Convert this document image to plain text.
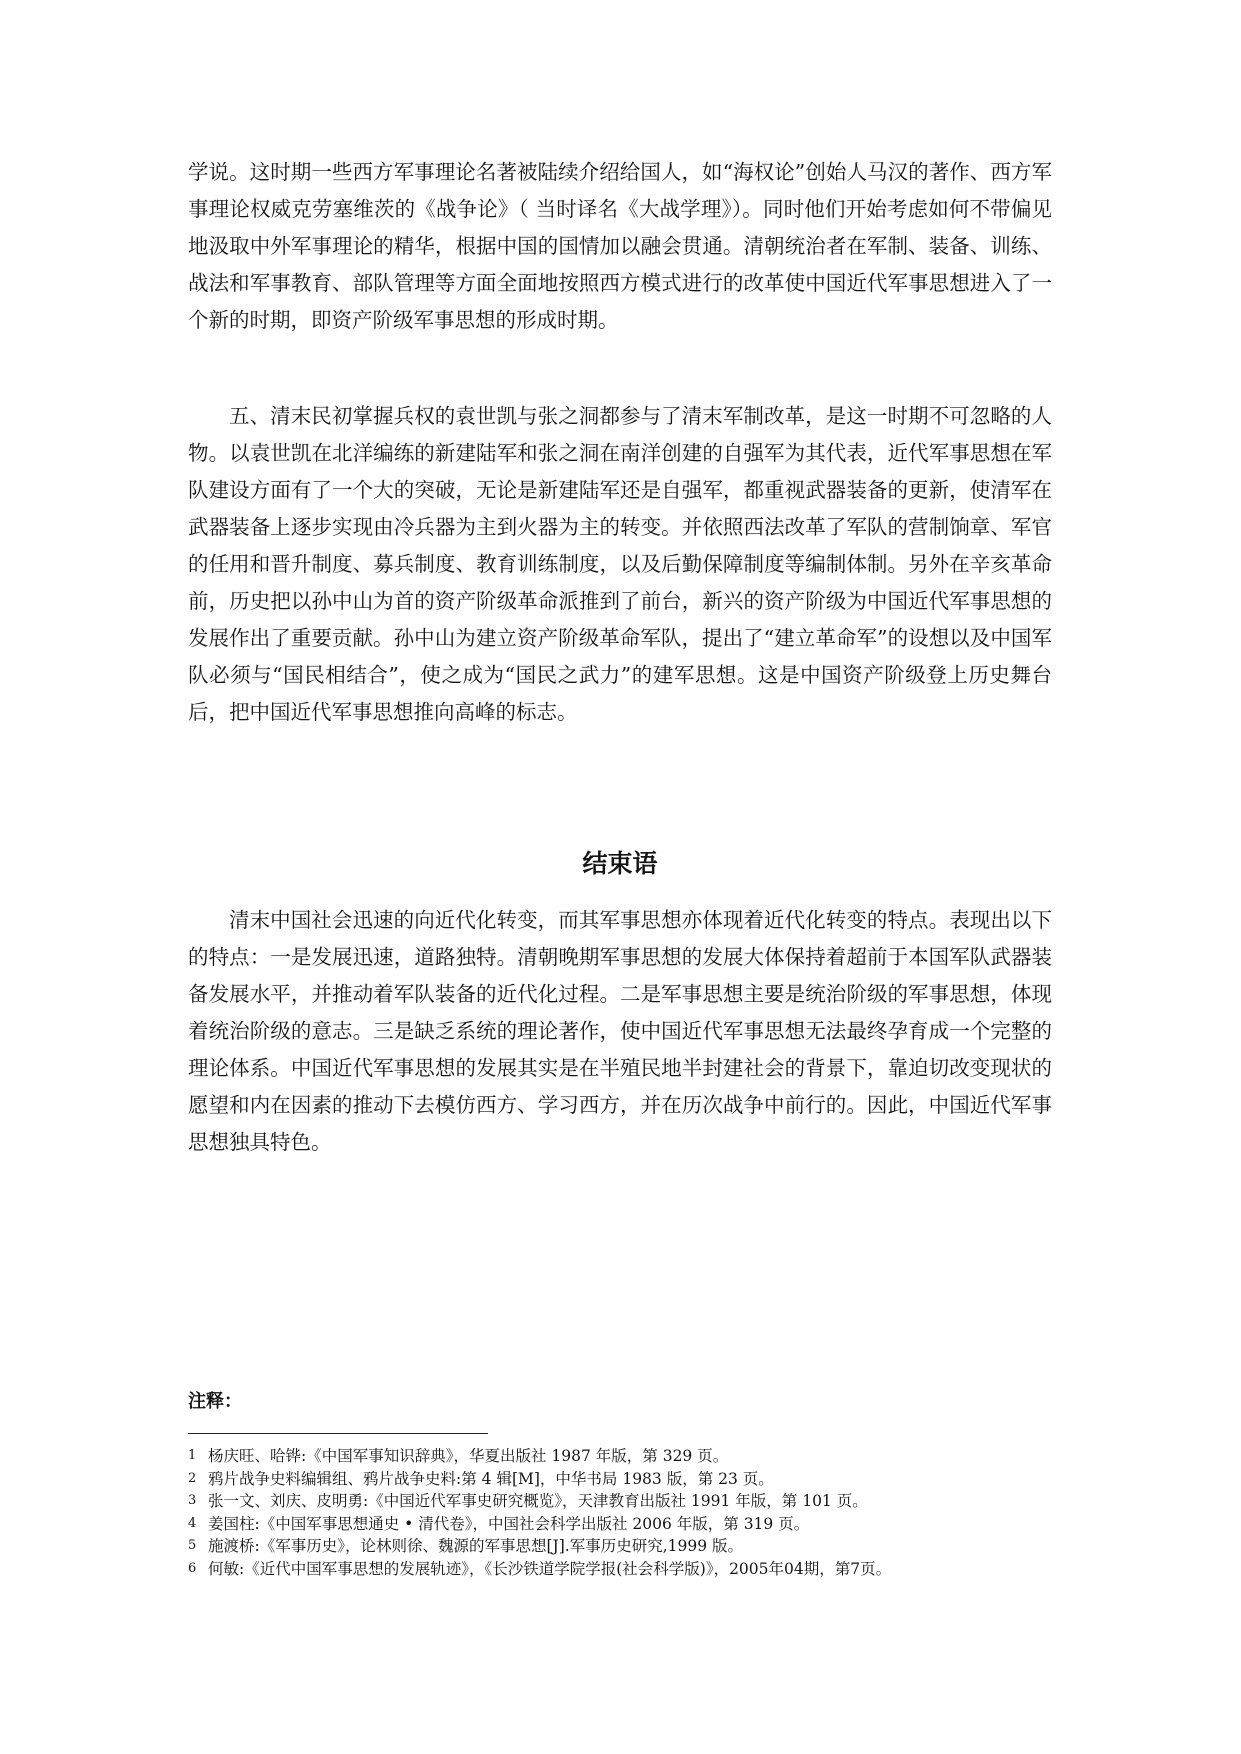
学说。这时期一些西方军事理论名著被陆续介绍给国人，如“海权论”创始人马汉的著作、西方军事理论权威克劳塞维茨的《战争论》（ 当时译名《大战学理》）。同时他们开始考虑如何不带偏见地汲取中外军事理论的精华，根据中国的国情加以融会贯通。清朝统治者在军制、装备、训练、战法和军事教育、部队管理等方面全面地按照西方模式进行的改革使中国近代军事思想进入了一个新的时期，即资产阶级军事思想的形成时期。

五、清末民初掌握兵权的袁世凯与张之洞都参与了清末军制改革，是这一时期不可忽略的人物。以袁世凯在北洋编练的新建陆军和张之洞在南洋创建的自强军为其代表，近代军事思想在军队建设方面有了一个大的突破，无论是新建陆军还是自强军，都重视武器装备的更新，使清军在武器装备上逐步实现由冷兵器为主到火器为主的转变。并依照西法改革了军队的营制饷章、军官的任用和晋升制度、募兵制度、教育训练制度，以及后勤保障制度等编制体制。另外在辛亥革命前，历史把以孙中山为首的资产阶级革命派推到了前台，新兴的资产阶级为中国近代军事思想的发展作出了重要贡献。孙中山为建立资产阶级革命军队，提出了“建立革命军”的设想以及中国军队必须与“国民相结合”，使之成为“国民之武力”的建军思想。这是中国资产阶级登上历史舞台后，把中国近代军事思想推向高峰的标志。

结束语

清末中国社会迅速的向近代化转变，而其军事思想亦体现着近代化转变的特点。表现出以下的特点：一是发展迅速，道路独特。清朝晚期军事思想的发展大体保持着超前于本国军队武器装备发展水平，并推动着军队装备的近代化过程。二是军事思想主要是统治阶级的军事思想，体现着统治阶级的意志。三是缺乏系统的理论著作，使中国近代军事思想无法最终孕育成一个完整的理论体系。中国近代军事思想的发展其实是在半殖民地半封建社会的背景下，靠迫切改变现状的愿望和内在因素的推动下去模仿西方、学习西方，并在历次战争中前行的。因此，中国近代军事思想独具特色。

注释：
1 杨庆旺、哈铧:《中国军事知识辞典》，华夏出版社 1987 年版，第 329 页。
2 鸦片战争史料编辑组、鸦片战争史料:第 4 辑[M]，中华书局 1983 版，第 23 页。
3 张一文、刘庆、皮明勇:《中国近代军事史研究概览》，天津教育出版社 1991 年版，第 101 页。
4 姜国柱:《中国军事思想通史 • 清代卷》，中国社会科学出版社 2006 年版，第 319 页。
5 施渡桥:《军事历史》，论林则徐、魏源的军事思想[J].军事历史研究,1999 版。
6 何敏:《近代中国军事思想的发展轨迹》，《长沙铁道学院学报(社会科学版)》，2005年04期，第7页。
